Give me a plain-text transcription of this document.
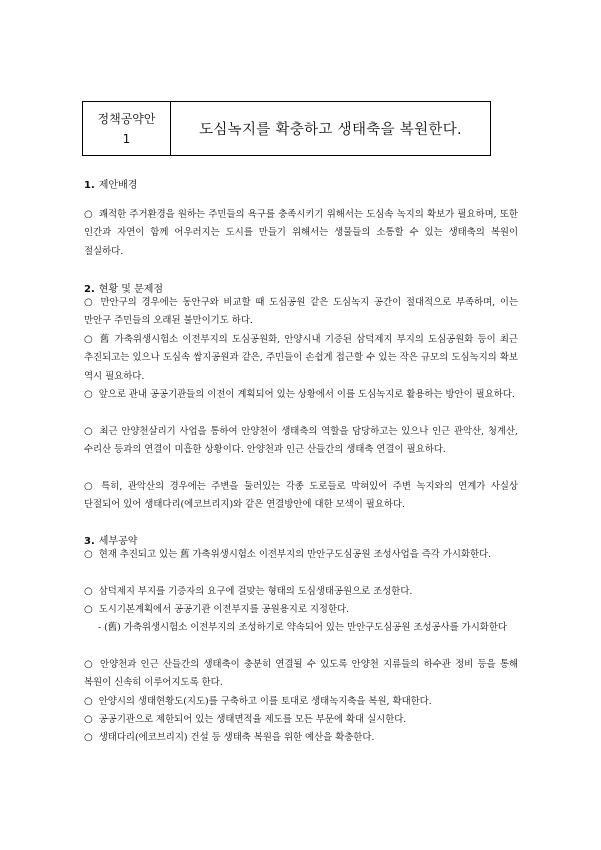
정책공약안
1
도심녹지를 확충하고 생태축을 복원한다.
1. 제안배경
○ 쾌적한 주거환경을 원하는 주민들의 욕구를 충족시키기 위해서는 도심속 녹지의 확보가 필요하며, 또한 인간과 자연이 함께 어우러지는 도시를 만들기 위해서는 생물들의 소통할 수 있는 생태축의 복원이 절실하다.
2. 현황 및 문제점
○ 만안구의 경우에는 동안구와 비교할 때 도심공원 같은 도심녹지 공간이 절대적으로 부족하며, 이는 만안구 주민들의 오래된 불만이기도 하다.
○ 舊 가축위생시험소 이전부지의 도심공원화, 안양시내 기증된 삼덕제지 부지의 도심공원화 등이 최근 추진되고는 있으나 도심속 쌈지공원과 같은, 주민들이 손쉽게 접근할 수 있는 작은 규모의 도심녹지의 확보 역시 필요하다.
○ 앞으로 관내 공공기관들의 이전이 계획되어 있는 상황에서 이를 도심녹지로 활용하는 방안이 필요하다.
○ 최근 안양천살리기 사업을 통하여 안양천이 생태축의 역할을 담당하고는 있으나 인근 관악산, 청계산, 수리산 등과의 연결이 미흡한 상황이다. 안양천과 인근 산들간의 생태축 연결이 필요하다.
○ 특히, 관악산의 경우에는 주변을 둘러있는 각종 도로들로 막혀있어 주변 녹지와의 연계가 사실상 단절되어 있어 생태다리(에코브리지)와 같은 연결방안에 대한 모색이 필요하다.
3. 세부공약
○ 현재 추진되고 있는 舊 가축위생시험소 이전부지의 만안구도심공원 조성사업을 즉각 가시화한다.
○ 삼덕제지 부지를 기증자의 요구에 걸맞는 형태의 도심생태공원으로 조성한다.
○ 도시기본계획에서 공공기관 이전부지를 공원용지로 지정한다.
- (舊) 가축위생시험소 이전부지의 조성하기로 약속되어 있는 만안구도심공원 조성공사를 가시화한다
○ 안양천과 인근 산들간의 생태축이 충분히 연결될 수 있도록 안양천 지류들의 하수관 정비 등을 통해 복원이 신속히 이루어지도록 한다.
○ 안양시의 생태현황도(지도)를 구축하고 이를 토대로 생태녹지축을 복원, 확대한다.
○ 공공기관으로 제한되어 있는 생태면적율 제도를 모든 부문에 확대 실시한다.
○ 생태다리(에코브리지) 건설 등 생태축 복원을 위한 예산을 확충한다.
